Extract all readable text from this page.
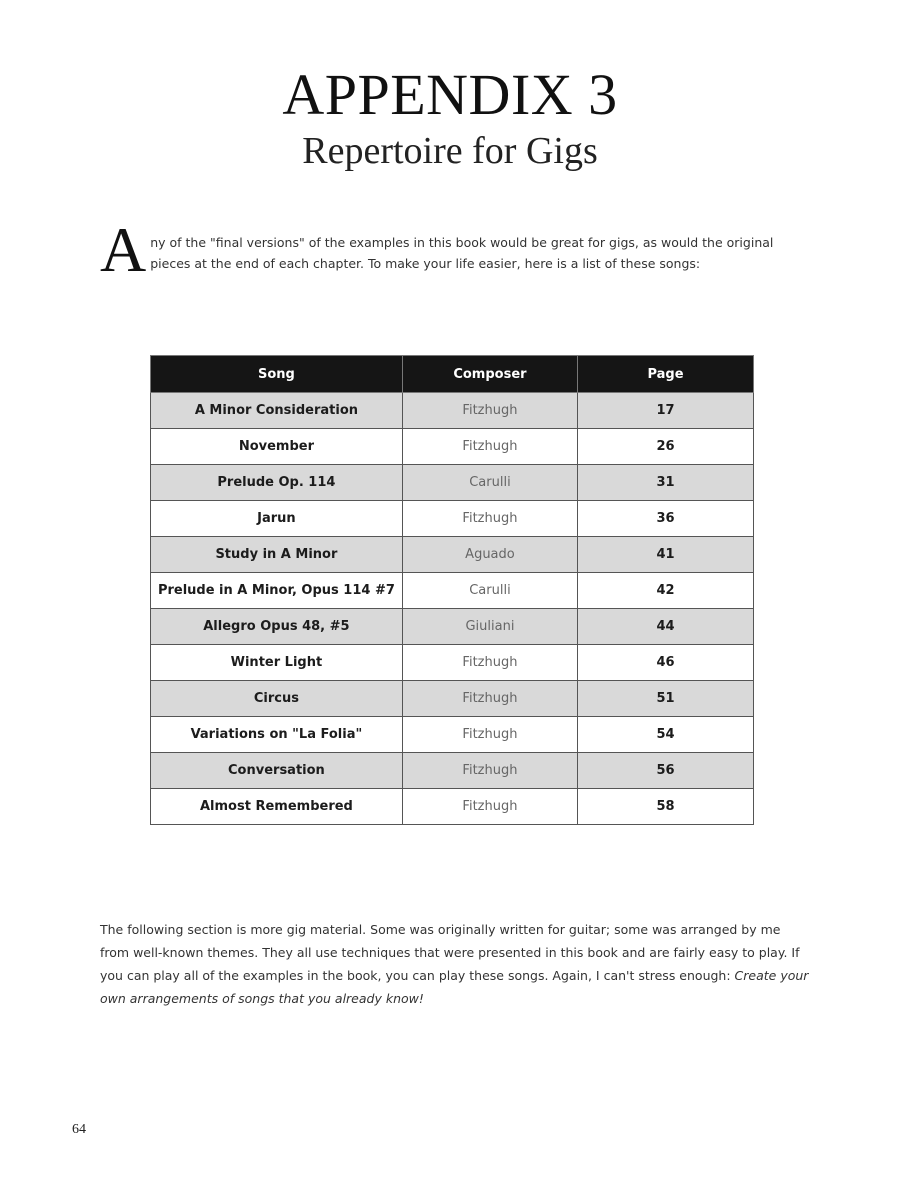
APPENDIX 3
Repertoire for Gigs
A ny of the "final versions" of the examples in this book would be great for gigs, as would the original pieces at the end of each chapter. To make your life easier, here is a list of these songs:
Song	Composer	Page
A Minor Consideration	Fitzhugh	17
November	Fitzhugh	26
Prelude Op. 114	Carulli	31
Jarun	Fitzhugh	36
Study in A Minor	Aguado	41
Prelude in A Minor, Opus 114 #7	Carulli	42
Allegro Opus 48, #5	Giuliani	44
Winter Light	Fitzhugh	46
Circus	Fitzhugh	51
Variations on "La Folia"	Fitzhugh	54
Conversation	Fitzhugh	56
Almost Remembered	Fitzhugh	58
The following section is more gig material. Some was originally written for guitar; some was arranged by me from well-known themes. They all use techniques that were presented in this book and are fairly easy to play. If you can play all of the examples in the book, you can play these songs. Again, I can't stress enough: Create your own arrangements of songs that you already know!
64
